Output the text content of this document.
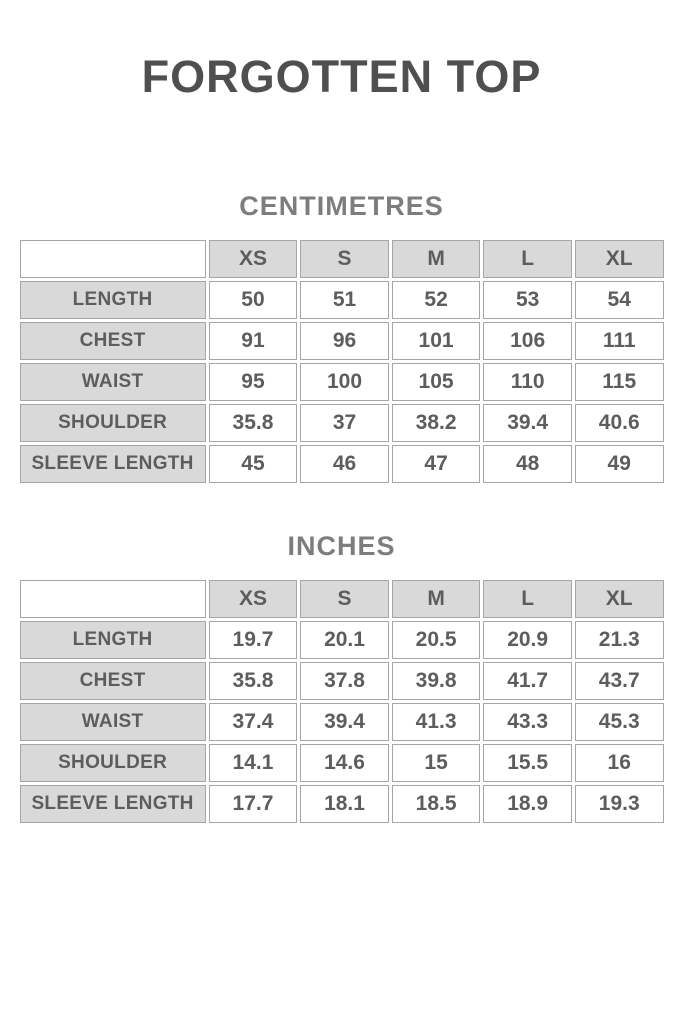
FORGOTTEN TOP
CENTIMETRES
	XS	S	M	L	XL
LENGTH	50	51	52	53	54
CHEST	91	96	101	106	111
WAIST	95	100	105	110	115
SHOULDER	35.8	37	38.2	39.4	40.6
SLEEVE LENGTH	45	46	47	48	49
INCHES
	XS	S	M	L	XL
LENGTH	19.7	20.1	20.5	20.9	21.3
CHEST	35.8	37.8	39.8	41.7	43.7
WAIST	37.4	39.4	41.3	43.3	45.3
SHOULDER	14.1	14.6	15	15.5	16
SLEEVE LENGTH	17.7	18.1	18.5	18.9	19.3
